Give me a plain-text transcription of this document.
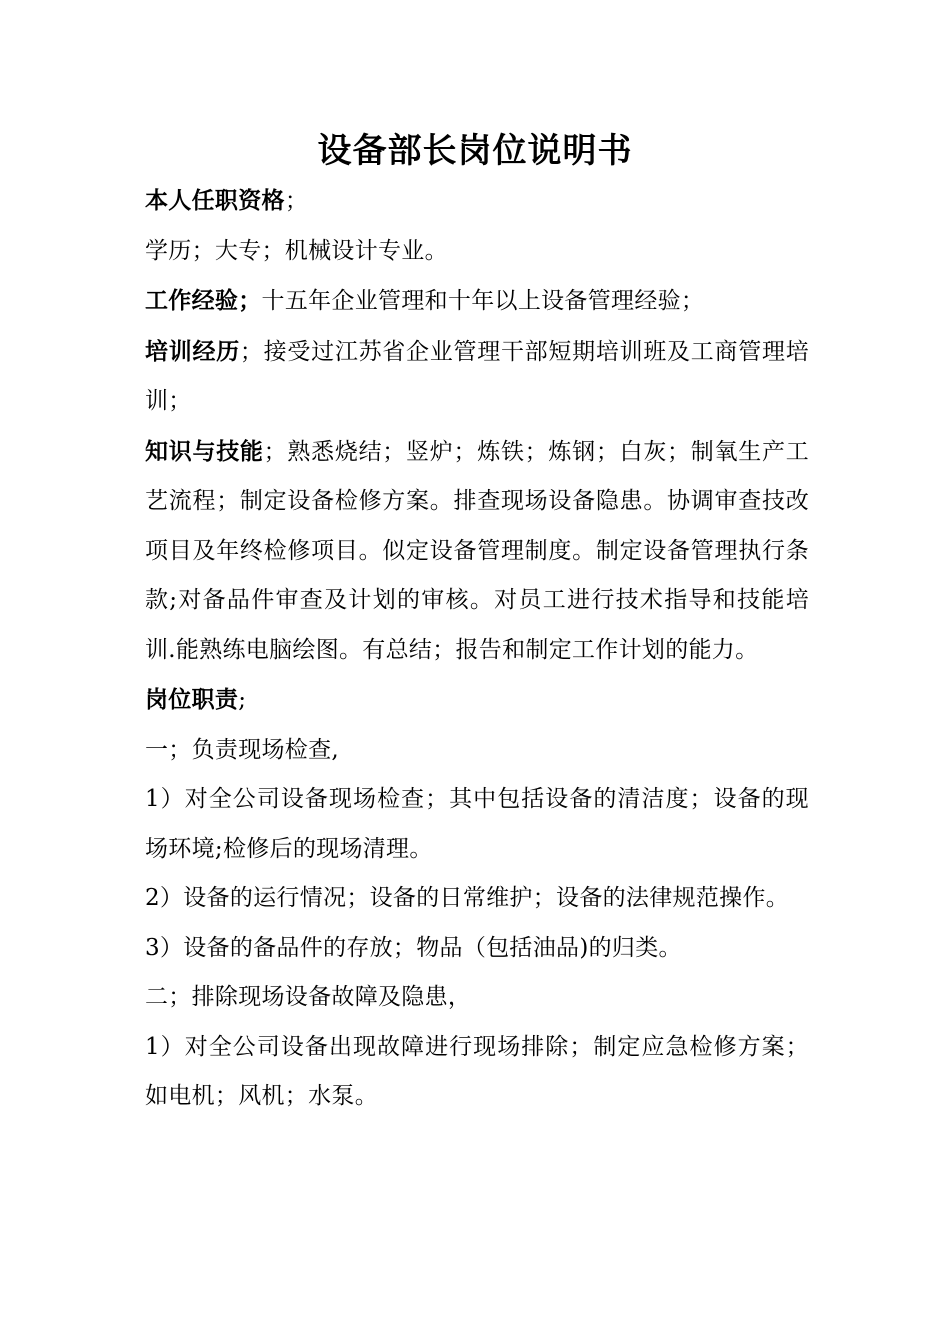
设备部长岗位说明书

本人任职资格；

学历；大专；机械设计专业。

工作经验；十五年企业管理和十年以上设备管理经验；

培训经历；接受过江苏省企业管理干部短期培训班及工商管理培训；

知识与技能；熟悉烧结；竖炉；炼铁；炼钢；白灰；制氧生产工艺流程；制定设备检修方案。排查现场设备隐患。协调审查技改项目及年终检修项目。似定设备管理制度。制定设备管理执行条款;对备品件审查及计划的审核。对员工进行技术指导和技能培训.能熟练电脑绘图。有总结；报告和制定工作计划的能力。

岗位职责;

一；负责现场检查,

1）对全公司设备现场检查；其中包括设备的清洁度；设备的现场环境;检修后的现场清理。

2）设备的运行情况；设备的日常维护；设备的法律规范操作。

3）设备的备品件的存放；物品（包括油品)的归类。

二；排除现场设备故障及隐患，

1）对全公司设备出现故障进行现场排除；制定应急检修方案；如电机；风机；水泵。
